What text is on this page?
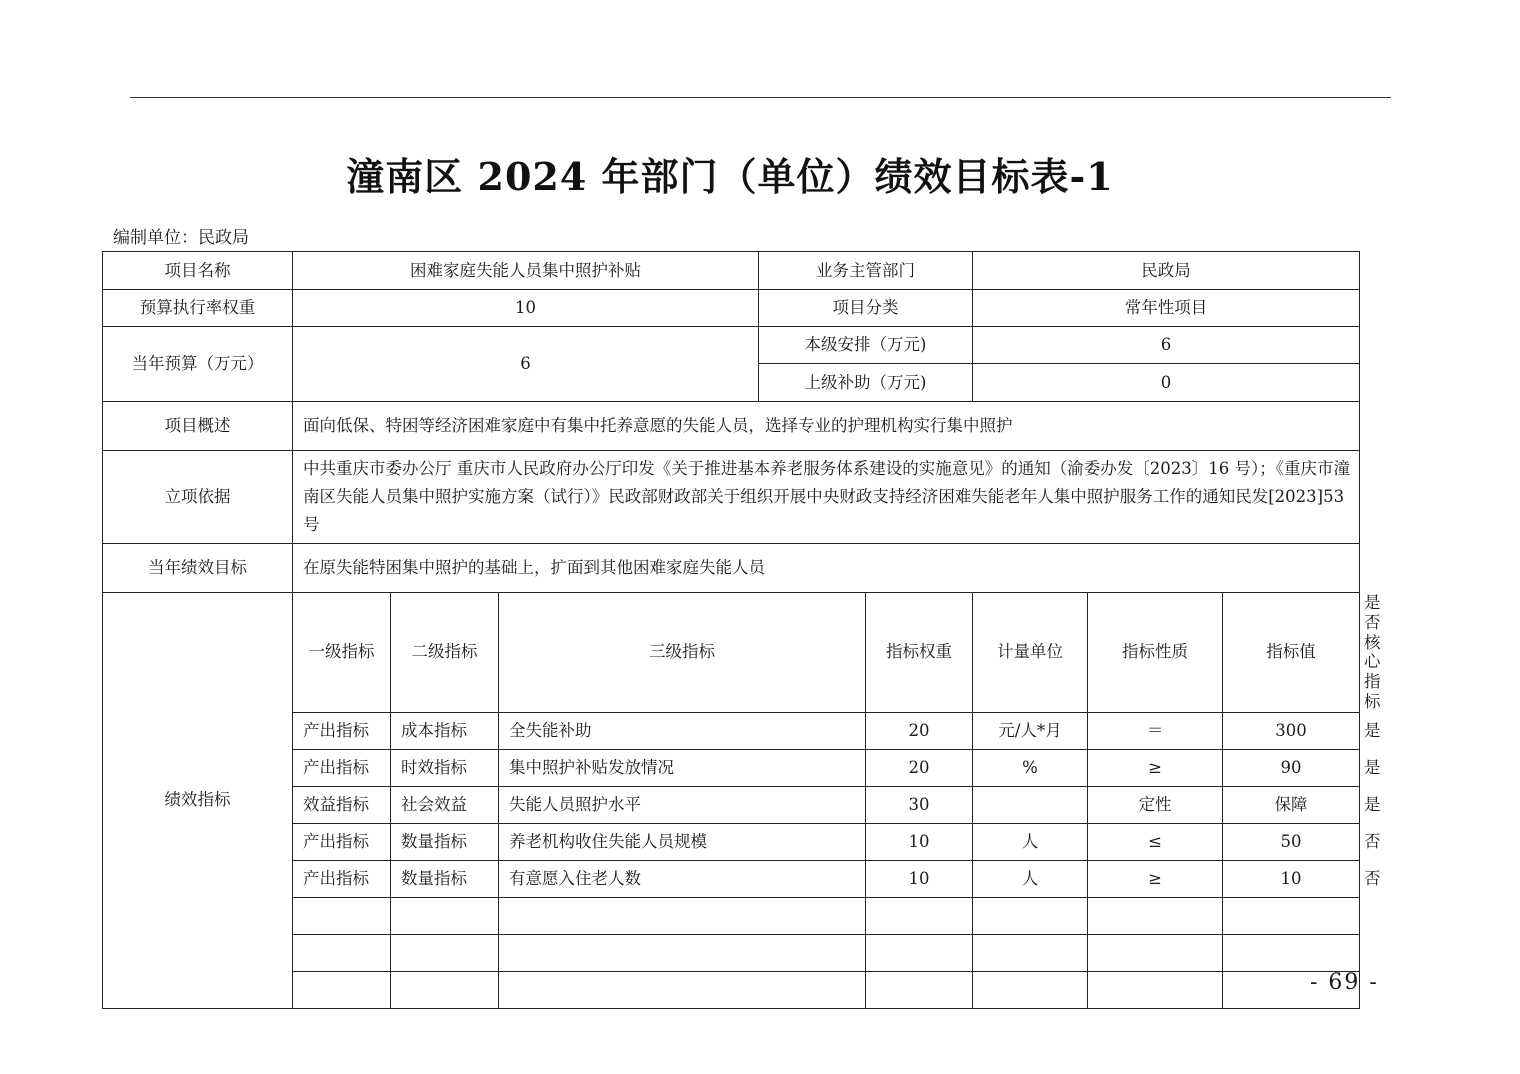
潼南区 2024 年部门（单位）绩效目标表-1
编制单位：民政局
项目名称	困难家庭失能人员集中照护补贴			业务主管部门		民政局			
预算执行率权重	10			项目分类		常年性项目			
当年预算（万元）	6			本级安排（万元)		6			
				上级补助（万元)		0			
项目概述	面向低保、特困等经济困难家庭中有集中托养意愿的失能人员，选择专业的护理机构实行集中照护								
立项依据	中共重庆市委办公厅 重庆市人民政府办公厅印发《关于推进基本养老服务体系建设的实施意见》的通知（渝委办发〔2023〕16 号）；《重庆市潼南区失能人员集中照护实施方案（试行）》民政部财政部关于组织开展中央财政支持经济困难失能老年人集中照护服务工作的通知民发[2023]53 号								
当年绩效目标	在原失能特困集中照护的基础上，扩面到其他困难家庭失能人员								
绩效指标	一级指标	二级指标	三级指标		指标权重	计量单位	指标性质	指标值	是否核心指标
	产出指标	成本指标	全失能补助		20	元/人*月	＝	300	是
	产出指标	时效指标	集中照护补贴发放情况		20	%	≥	90	是
	效益指标	社会效益	失能人员照护水平		30		定性	保障	是
	产出指标	数量指标	养老机构收住失能人员规模		10	人	≤	50	否
	产出指标	数量指标	有意愿入住老人数		10	人	≥	10	否

- 69 -
